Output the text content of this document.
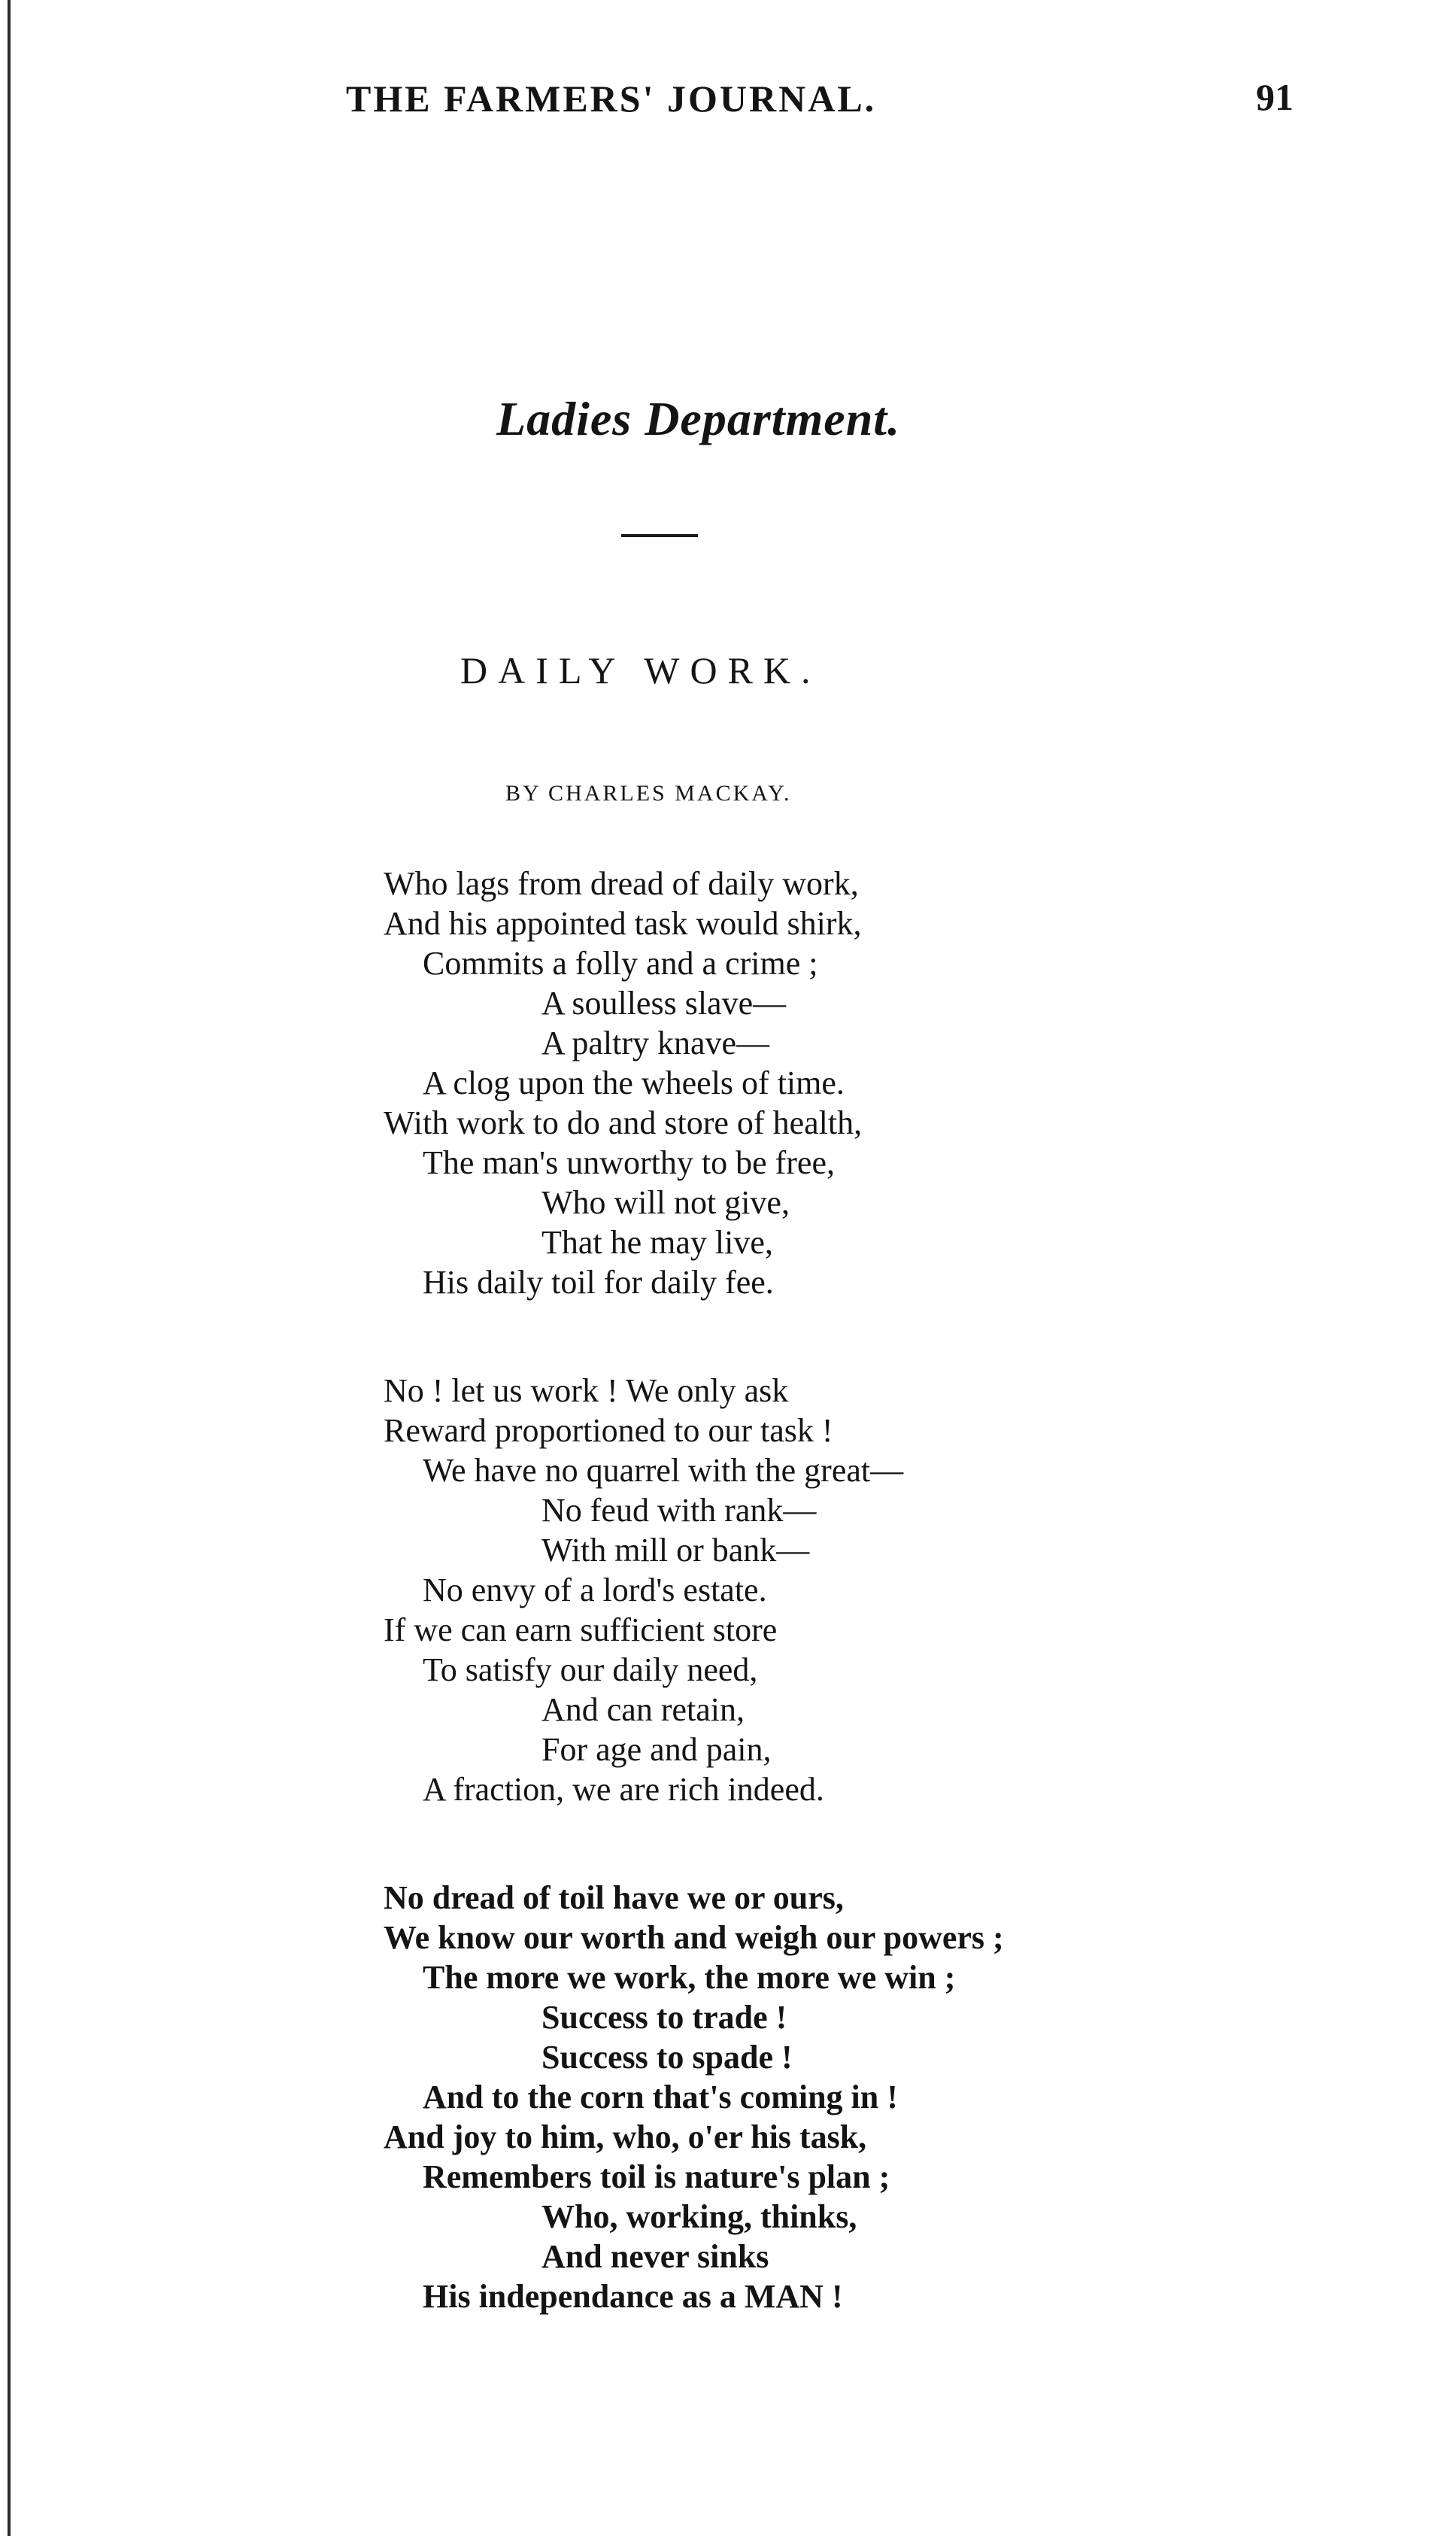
THE FARMERS' JOURNAL.	91
Ladies Department.
DAILY WORK.
BY CHARLES MACKAY.
Who lags from dread of daily work,
And his appointed task would shirk,
Commits a folly and a crime ;
A soulless slave—
A paltry knave—
A clog upon the wheels of time.
With work to do and store of health,
The man's unworthy to be free,
Who will not give,
That he may live,
His daily toil for daily fee.
No ! let us work ! We only ask
Reward proportioned to our task !
We have no quarrel with the great—
No feud with rank—
With mill or bank—
No envy of a lord's estate.
If we can earn sufficient store
To satisfy our daily need,
And can retain,
For age and pain,
A fraction, we are rich indeed.
No dread of toil have we or ours,
We know our worth and weigh our powers ;
The more we work, the more we win ;
Success to trade !
Success to spade !
And to the corn that's coming in !
And joy to him, who, o'er his task,
Remembers toil is nature's plan ;
Who, working, thinks,
And never sinks
His independance as a MAN !
